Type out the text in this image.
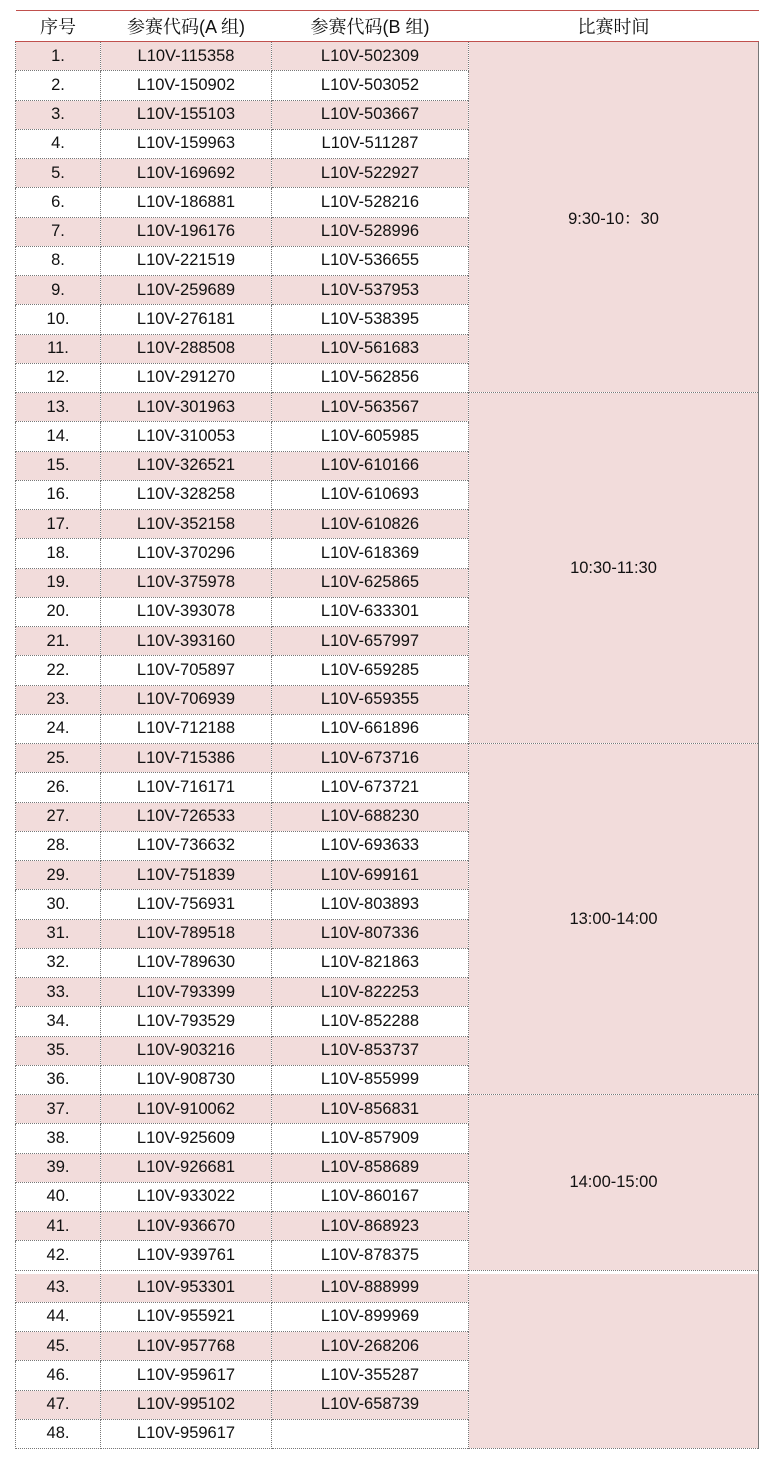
序号	参赛代码(A 组)	参赛代码(B 组)	比赛时间
1.	L10V-115358	L10V-502309	9:30-10：30
2.	L10V-150902	L10V-503052	
3.	L10V-155103	L10V-503667	
4.	L10V-159963	L10V-511287	
5.	L10V-169692	L10V-522927	
6.	L10V-186881	L10V-528216	
7.	L10V-196176	L10V-528996	
8.	L10V-221519	L10V-536655	
9.	L10V-259689	L10V-537953	
10.	L10V-276181	L10V-538395	
11.	L10V-288508	L10V-561683	
12.	L10V-291270	L10V-562856	
13.	L10V-301963	L10V-563567	10:30-11:30
14.	L10V-310053	L10V-605985	
15.	L10V-326521	L10V-610166	
16.	L10V-328258	L10V-610693	
17.	L10V-352158	L10V-610826	
18.	L10V-370296	L10V-618369	
19.	L10V-375978	L10V-625865	
20.	L10V-393078	L10V-633301	
21.	L10V-393160	L10V-657997	
22.	L10V-705897	L10V-659285	
23.	L10V-706939	L10V-659355	
24.	L10V-712188	L10V-661896	
25.	L10V-715386	L10V-673716	13:00-14:00
26.	L10V-716171	L10V-673721	
27.	L10V-726533	L10V-688230	
28.	L10V-736632	L10V-693633	
29.	L10V-751839	L10V-699161	
30.	L10V-756931	L10V-803893	
31.	L10V-789518	L10V-807336	
32.	L10V-789630	L10V-821863	
33.	L10V-793399	L10V-822253	
34.	L10V-793529	L10V-852288	
35.	L10V-903216	L10V-853737	
36.	L10V-908730	L10V-855999	
37.	L10V-910062	L10V-856831	14:00-15:00
38.	L10V-925609	L10V-857909	
39.	L10V-926681	L10V-858689	
40.	L10V-933022	L10V-860167	
41.	L10V-936670	L10V-868923	
42.	L10V-939761	L10V-878375	

43.	L10V-953301	L10V-888999	
44.	L10V-955921	L10V-899969	
45.	L10V-957768	L10V-268206	
46.	L10V-959617	L10V-355287	
47.	L10V-995102	L10V-658739	
48.	L10V-959617		
